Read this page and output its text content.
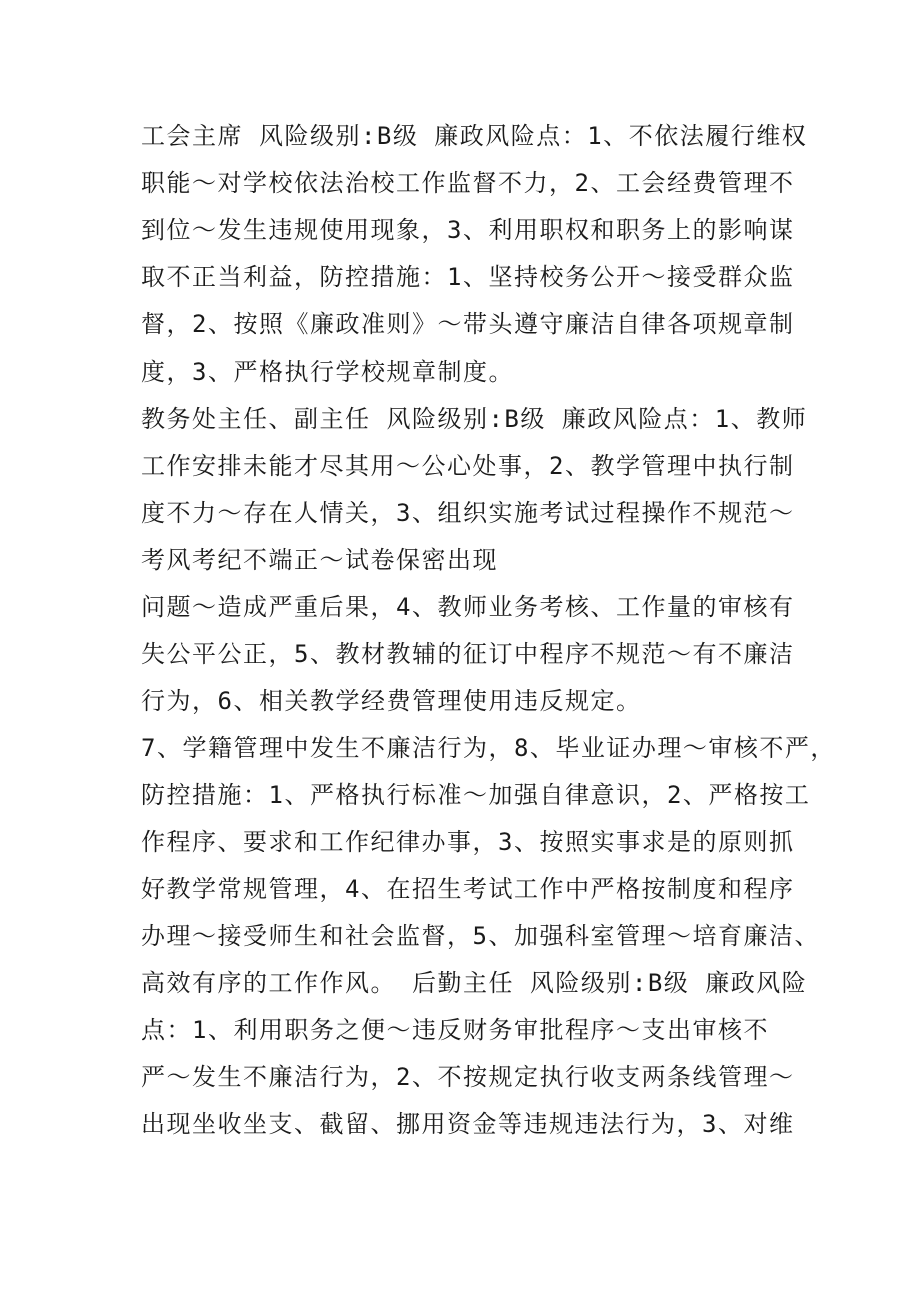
工会主席 风险级别:B级 廉政风险点：1、不依法履行维权
职能～对学校依法治校工作监督不力，2、工会经费管理不
到位～发生违规使用现象，3、利用职权和职务上的影响谋
取不正当利益，防控措施：1、坚持校务公开～接受群众监
督，2、按照《廉政准则》～带头遵守廉洁自律各项规章制
度，3、严格执行学校规章制度。
教务处主任、副主任 风险级别:B级 廉政风险点：1、教师
工作安排未能才尽其用～公心处事，2、教学管理中执行制
度不力～存在人情关，3、组织实施考试过程操作不规范～
考风考纪不端正～试卷保密出现
问题～造成严重后果，4、教师业务考核、工作量的审核有
失公平公正，5、教材教辅的征订中程序不规范～有不廉洁
行为，6、相关教学经费管理使用违反规定。
7、学籍管理中发生不廉洁行为，8、毕业证办理～审核不严，
防控措施：1、严格执行标准～加强自律意识，2、严格按工
作程序、要求和工作纪律办事，3、按照实事求是的原则抓
好教学常规管理，4、在招生考试工作中严格按制度和程序
办理～接受师生和社会监督，5、加强科室管理～培育廉洁、
高效有序的工作作风。 后勤主任 风险级别:B级 廉政风险
点：1、利用职务之便～违反财务审批程序～支出审核不
严～发生不廉洁行为，2、不按规定执行收支两条线管理～
出现坐收坐支、截留、挪用资金等违规违法行为，3、对维
